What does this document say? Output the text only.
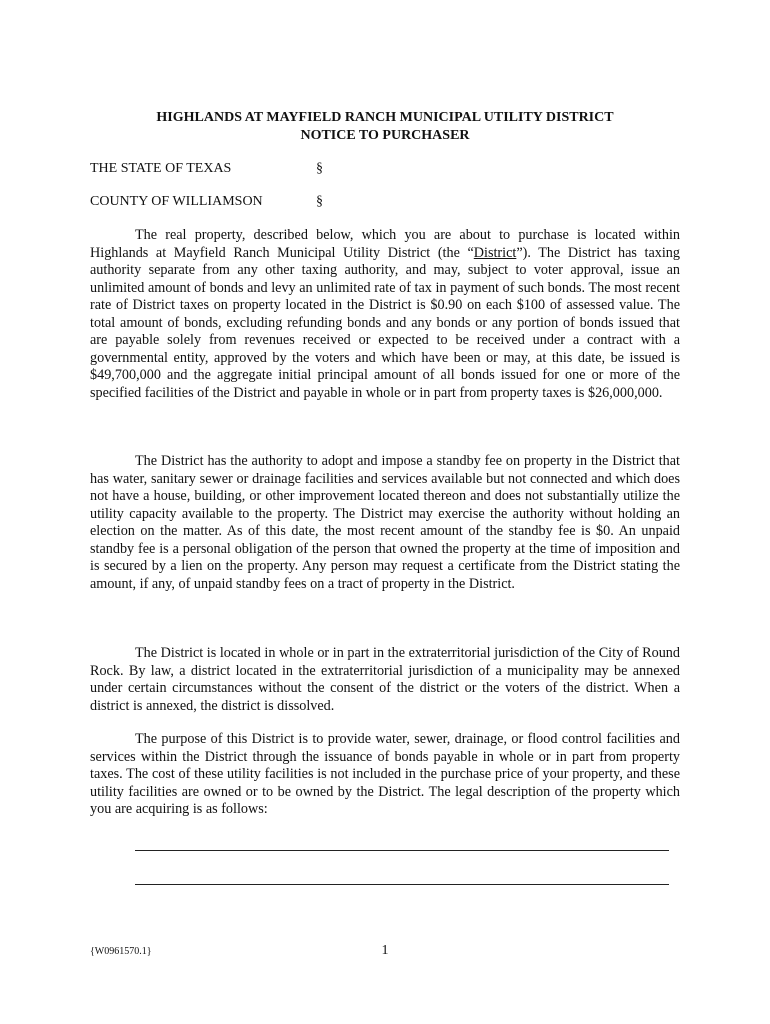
HIGHLANDS AT MAYFIELD RANCH MUNICIPAL UTILITY DISTRICT
NOTICE TO PURCHASER
THE STATE OF TEXAS	§
COUNTY OF WILLIAMSON	§

The real property, described below, which you are about to purchase is located within Highlands at Mayfield Ranch Municipal Utility District (the “District”). The District has taxing authority separate from any other taxing authority, and may, subject to voter approval, issue an unlimited amount of bonds and levy an unlimited rate of tax in payment of such bonds. The most recent rate of District taxes on property located in the District is $0.90 on each $100 of assessed value. The total amount of bonds, excluding refunding bonds and any bonds or any portion of bonds issued that are payable solely from revenues received or expected to be received under a contract with a governmental entity, approved by the voters and which have been or may, at this date, be issued is $49,700,000 and the aggregate initial principal amount of all bonds issued for one or more of the specified facilities of the District and payable in whole or in part from property taxes is $26,000,000.

The District has the authority to adopt and impose a standby fee on property in the District that has water, sanitary sewer or drainage facilities and services available but not connected and which does not have a house, building, or other improvement located thereon and does not substantially utilize the utility capacity available to the property. The District may exercise the authority without holding an election on the matter. As of this date, the most recent amount of the standby fee is $0. An unpaid standby fee is a personal obligation of the person that owned the property at the time of imposition and is secured by a lien on the property. Any person may request a certificate from the District stating the amount, if any, of unpaid standby fees on a tract of property in the District.

The District is located in whole or in part in the extraterritorial jurisdiction of the City of Round Rock. By law, a district located in the extraterritorial jurisdiction of a municipality may be annexed under certain circumstances without the consent of the district or the voters of the district. When a district is annexed, the district is dissolved.

The purpose of this District is to provide water, sewer, drainage, or flood control facilities and services within the District through the issuance of bonds payable in whole or in part from property taxes. The cost of these utility facilities is not included in the purchase price of your property, and these utility facilities are owned or to be owned by the District. The legal description of the property which you are acquiring is as follows:

{W0961570.1}	1
